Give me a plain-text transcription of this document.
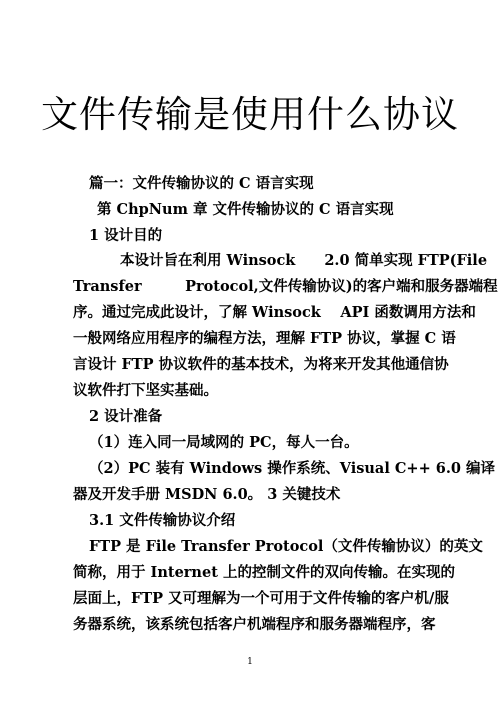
文件传输是使用什么协议
篇一：文件传输协议的 C 语言实现
第 ChpNum 章 文件传输协议的 C 语言实现
1 设计目的
本设计旨在利用 Winsock　　2.0 简单实现 FTP(File
Transfer　　　Protocol,文件传输协议)的客户端和服务器端程
序。通过完成此设计，了解 Winsock　 API 函数调用方法和
一般网络应用程序的编程方法，理解 FTP 协议，掌握 C 语
言设计 FTP 协议软件的基本技术，为将来开发其他通信协
议软件打下坚实基础。
2 设计准备
（1）连入同一局域网的 PC，每人一台。
（2）PC 装有 Windows 操作系统、Visual C++ 6.0 编译
器及开发手册 MSDN 6.0。 3 关键技术
3.1 文件传输协议介绍
FTP 是 File Transfer Protocol（文件传输协议）的英文
简称，用于 Internet 上的控制文件的双向传输。在实现的
层面上，FTP 又可理解为一个可用于文件传输的客户机/服
务器系统，该系统包括客户机端程序和服务器端程序，客
1
